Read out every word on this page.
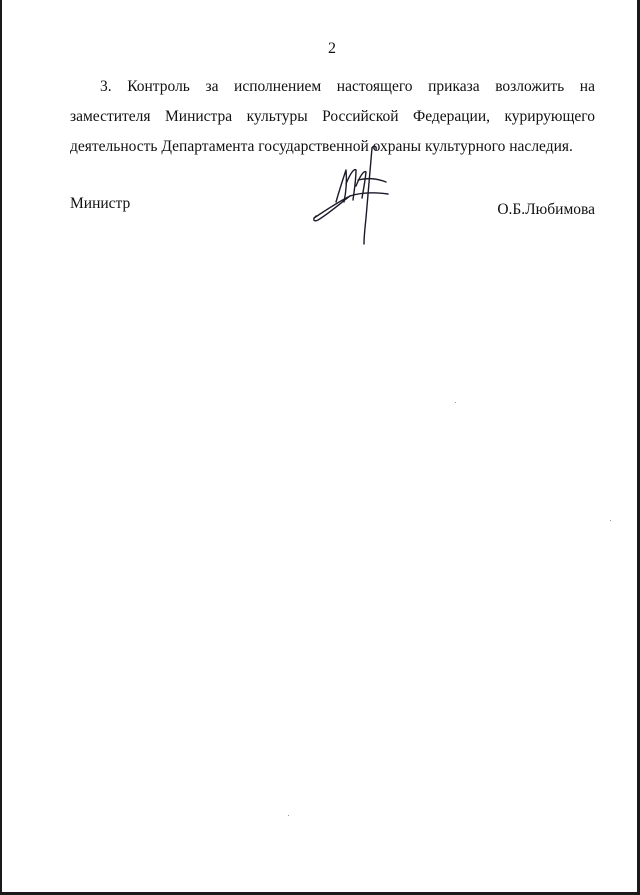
2

3. Контроль за исполнением настоящего приказа возложить на заместителя Министра культуры Российской Федерации, курирующего деятельность Департамента государственной охраны культурного наследия.

Министр	О.Б.Любимова
